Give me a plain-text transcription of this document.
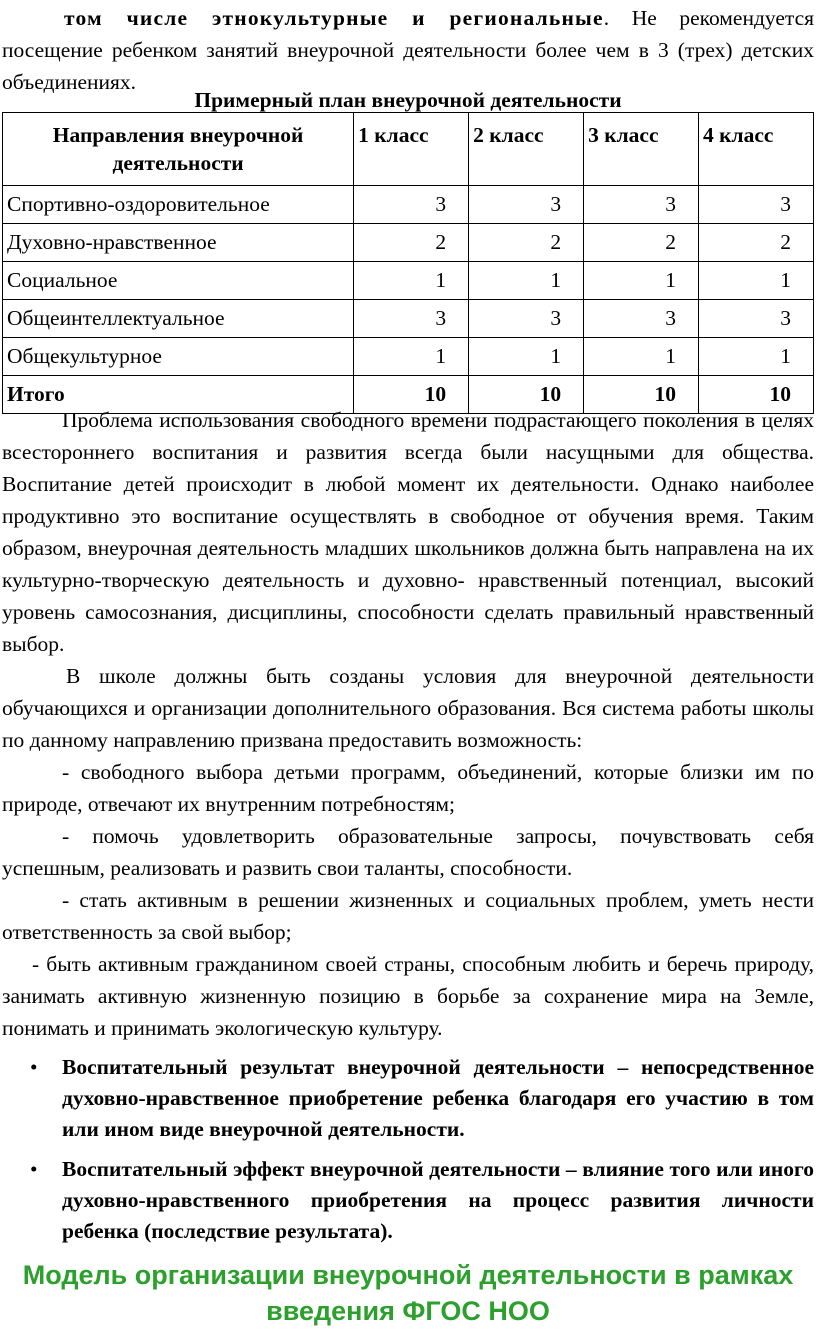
том числе этнокультурные и региональные. Не рекомендуется посещение ребенком занятий внеурочной деятельности более чем в 3 (трех) детских объединениях.

Примерный план внеурочной деятельности

Направления внеурочной деятельности	1 класс	2 класс	3 класс	4 класс
Спортивно-оздоровительное	3	3	3	3
Духовно-нравственное	2	2	2	2
Социальное	1	1	1	1
Общеинтеллектуальное	3	3	3	3
Общекультурное	1	1	1	1
Итого	10	10	10	10

Проблема использования свободного времени подрастающего поколения в целях всестороннего воспитания и развития всегда были насущными для общества. Воспитание детей происходит в любой момент их деятельности. Однако наиболее продуктивно это воспитание осуществлять в свободное от обучения время. Таким образом, внеурочная деятельность младших школьников должна быть направлена на их культурно-творческую деятельность и духовно- нравственный потенциал, высокий уровень самосознания, дисциплины, способности сделать правильный нравственный выбор.

В школе должны быть созданы условия для внеурочной деятельности обучающихся и организации дополнительного образования. Вся система работы школы по данному направлению призвана предоставить возможность:

- свободного выбора детьми программ, объединений, которые близки им по природе, отвечают их внутренним потребностям;

- помочь удовлетворить образовательные запросы, почувствовать себя успешным, реализовать и развить свои таланты, способности.

- стать активным в решении жизненных и социальных проблем, уметь нести ответственность за свой выбор;

- быть активным гражданином своей страны, способным любить и беречь природу, занимать активную жизненную позицию в борьбе за сохранение мира на Земле, понимать и принимать экологическую культуру.

• Воспитательный результат внеурочной деятельности – непосредственное духовно-нравственное приобретение ребенка благодаря его участию в том или ином виде внеурочной деятельности.
• Воспитательный эффект внеурочной деятельности – влияние того или иного духовно-нравственного приобретения на процесс развития личности ребенка (последствие результата).

Модель организации внеурочной деятельности в рамках введения ФГОС НОО
